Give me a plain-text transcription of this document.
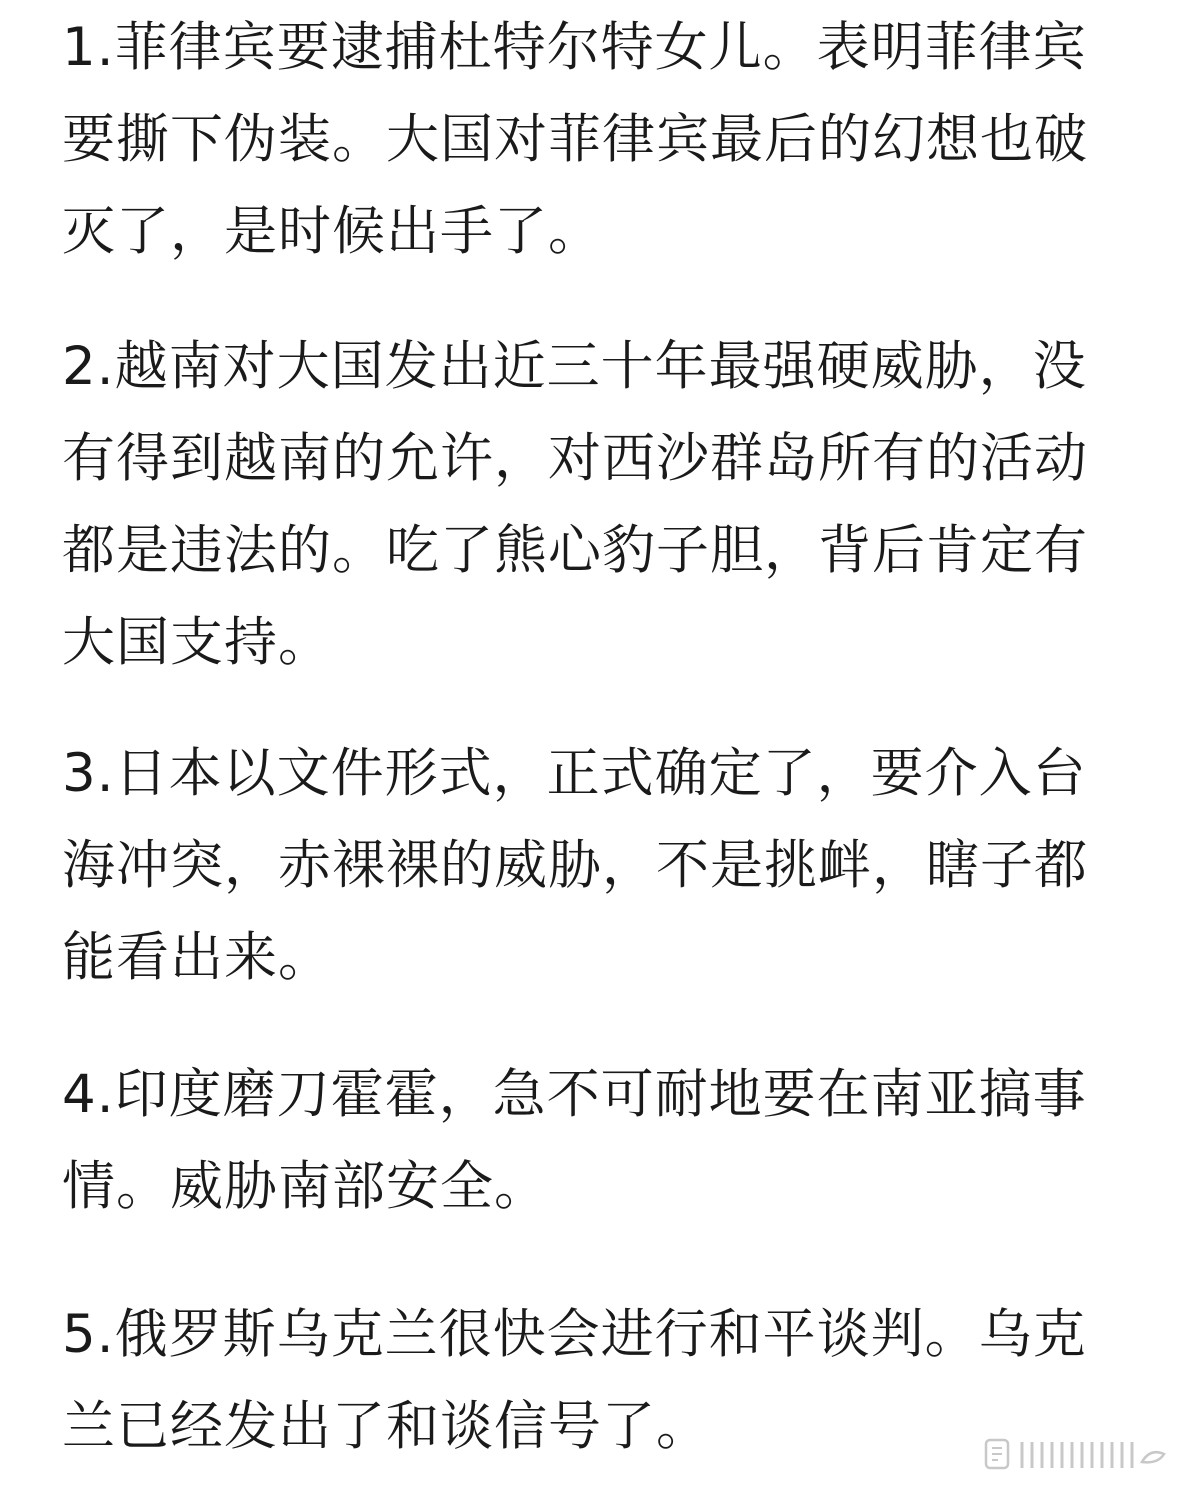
1.菲律宾要逮捕杜特尔特女儿。表明菲律宾要撕下伪装。大国对菲律宾最后的幻想也破灭了，是时候出手了。

2.越南对大国发出近三十年最强硬威胁，没有得到越南的允许，对西沙群岛所有的活动都是违法的。吃了熊心豹子胆，背后肯定有大国支持。

3.日本以文件形式，正式确定了，要介入台海冲突，赤裸裸的威胁，不是挑衅，瞎子都能看出来。

4.印度磨刀霍霍，急不可耐地要在南亚搞事情。威胁南部安全。

5.俄罗斯乌克兰很快会进行和平谈判。乌克兰已经发出了和谈信号了。
